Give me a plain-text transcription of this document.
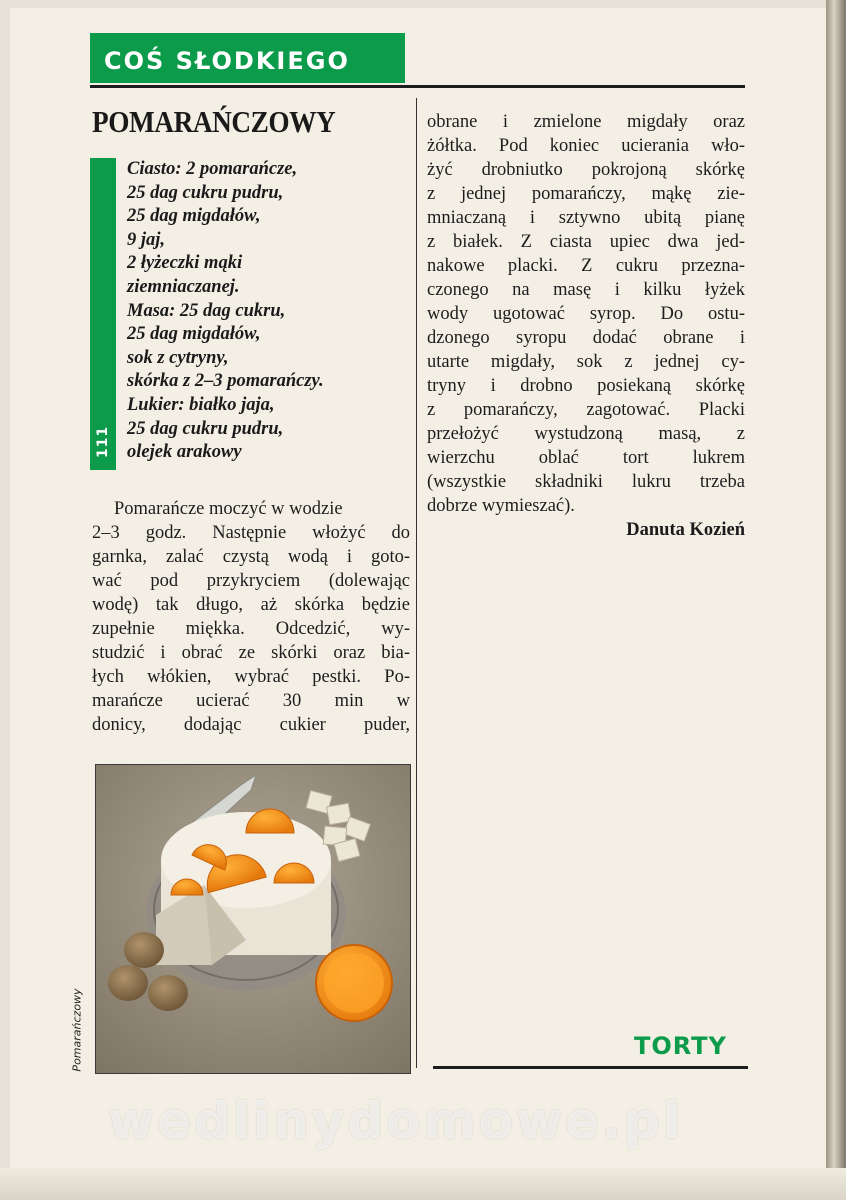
COŚ SŁODKIEGO
POMARAŃCZOWY
111
Ciasto: 2 pomarańcze,
25 dag cukru pudru,
25 dag migdałów,
9 jaj,
2 łyżeczki mąki
ziemniaczanej.
Masa: 25 dag cukru,
25 dag migdałów,
sok z cytryny,
skórka z 2–3 pomarańczy.
Lukier: białko jaja,
25 dag cukru pudru,
olejek arakowy
Pomarańcze moczyć w wodzie
2–3 godz. Następnie włożyć do
garnka, zalać czystą wodą i goto-
wać pod przykryciem (dolewając
wodę) tak długo, aż skórka będzie
zupełnie miękka. Odcedzić, wy-
studzić i obrać ze skórki oraz bia-
łych włókien, wybrać pestki. Po-
marańcze ucierać 30 min w
donicy, dodając cukier puder,
obrane i zmielone migdały oraz
żółtka. Pod koniec ucierania wło-
żyć drobniutko pokrojoną skórkę
z jednej pomarańczy, mąkę zie-
mniaczaną i sztywno ubitą pianę
z białek. Z ciasta upiec dwa jed-
nakowe placki. Z cukru przezna-
czonego na masę i kilku łyżek
wody ugotować syrop. Do ostu-
dzonego syropu dodać obrane i
utarte migdały, sok z jednej cy-
tryny i drobno posiekaną skórkę
z pomarańczy, zagotować. Placki
przełożyć wystudzoną masą, z
wierzchu oblać tort lukrem
(wszystkie składniki lukru trzeba
dobrze wymieszać).
Danuta Kozień
Pomarańczowy	TORTY
wedlinydomowe.pl
